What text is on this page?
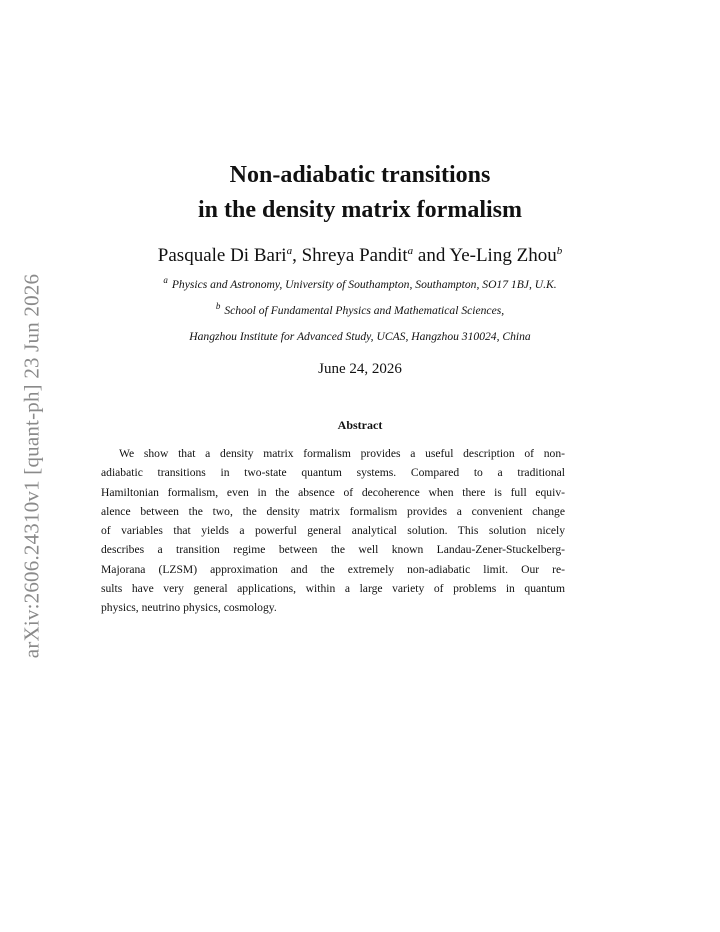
arXiv:2606.24310v1 [quant-ph] 23 Jun 2026
Non-adiabatic transitions
in the density matrix formalism
Pasquale Di Bari$^a$, Shreya Pandit$^a$ and Ye-Ling Zhou$^b$
$^a$ Physics and Astronomy, University of Southampton, Southampton, SO17 1BJ, U.K.
$^b$ School of Fundamental Physics and Mathematical Sciences,
Hangzhou Institute for Advanced Study, UCAS, Hangzhou 310024, China
June 24, 2026
Abstract
We show that a density matrix formalism provides a useful description of non-
adiabatic transitions in two-state quantum systems. Compared to a traditional
Hamiltonian formalism, even in the absence of decoherence when there is full equiv-
alence between the two, the density matrix formalism provides a convenient change
of variables that yields a powerful general analytical solution. This solution nicely
describes a transition regime between the well known Landau-Zener-Stuckelberg-
Majorana (LZSM) approximation and the extremely non-adiabatic limit. Our re-
sults have very general applications, within a large variety of problems in quantum
physics, neutrino physics, cosmology.
